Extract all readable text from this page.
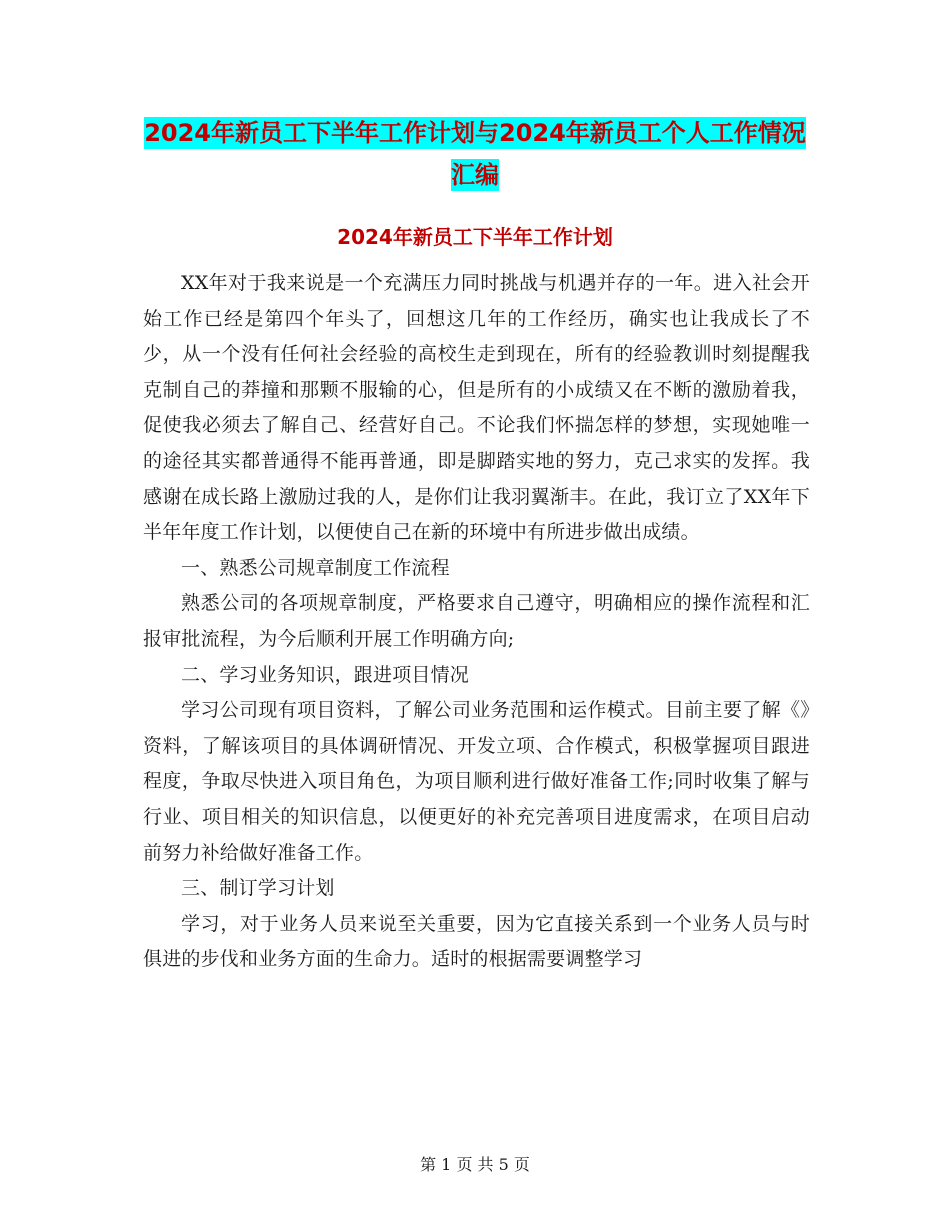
2024年新员工下半年工作计划与2024年新员工个人工作情况汇编
2024年新员工下半年工作计划

XX年对于我来说是一个充满压力同时挑战与机遇并存的一年。进入社会开始工作已经是第四个年头了，回想这几年的工作经历，确实也让我成长了不少，从一个没有任何社会经验的高校生走到现在，所有的经验教训时刻提醒我克制自己的莽撞和那颗不服输的心，但是所有的小成绩又在不断的激励着我，促使我必须去了解自己、经营好自己。不论我们怀揣怎样的梦想，实现她唯一的途径其实都普通得不能再普通，即是脚踏实地的努力，克己求实的发挥。我感谢在成长路上激励过我的人，是你们让我羽翼渐丰。在此，我订立了XX年下半年年度工作计划，以便使自己在新的环境中有所进步做出成绩。

一、熟悉公司规章制度工作流程

熟悉公司的各项规章制度，严格要求自己遵守，明确相应的操作流程和汇报审批流程，为今后顺利开展工作明确方向;

二、学习业务知识，跟进项目情况

学习公司现有项目资料，了解公司业务范围和运作模式。目前主要了解《》资料，了解该项目的具体调研情况、开发立项、合作模式，积极掌握项目跟进程度，争取尽快进入项目角色，为项目顺利进行做好准备工作;同时收集了解与行业、项目相关的知识信息，以便更好的补充完善项目进度需求，在项目启动前努力补给做好准备工作。

三、制订学习计划

学习，对于业务人员来说至关重要，因为它直接关系到一个业务人员与时俱进的步伐和业务方面的生命力。适时的根据需要调整学习

第 1 页 共 5 页
